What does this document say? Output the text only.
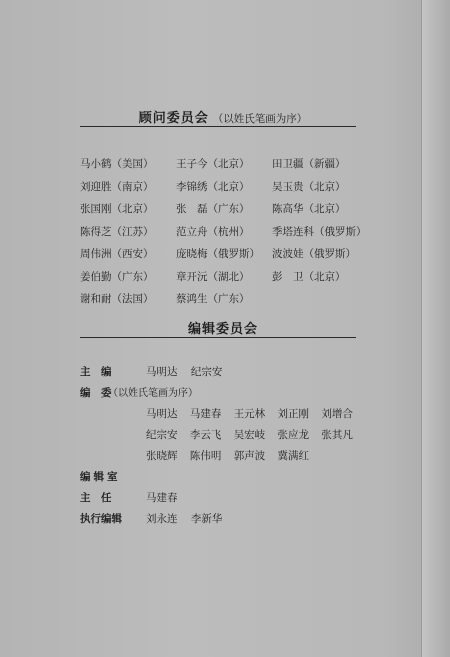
顾问委员会 （以姓氏笔画为序）
马小鹤（美国）	王子今（北京）	田卫疆（新疆）
刘迎胜（南京）	李锦绣（北京）	吴玉贵（北京）
张国刚（北京）	张　磊（广东）	陈高华（北京）
陈得芝（江苏）	范立舟（杭州）	季塔连科（俄罗斯）
周伟洲（西安）	庞晓梅（俄罗斯）	波波娃（俄罗斯）
姜伯勤（广东）	章开沅（湖北）	彭　卫（北京）
谢和耐（法国）	蔡鸿生（广东）
编辑委员会
主　编	马明达 纪宗安
编　委
（以姓氏笔画为序）
马明达 马建春 王元林 刘正刚 刘增合
纪宗安 李云飞 吴宏岐 张应龙 张其凡
张晓辉 陈伟明 郭声波 冀满红
编辑室
主　任	马建春
执行编辑	刘永连 李新华
